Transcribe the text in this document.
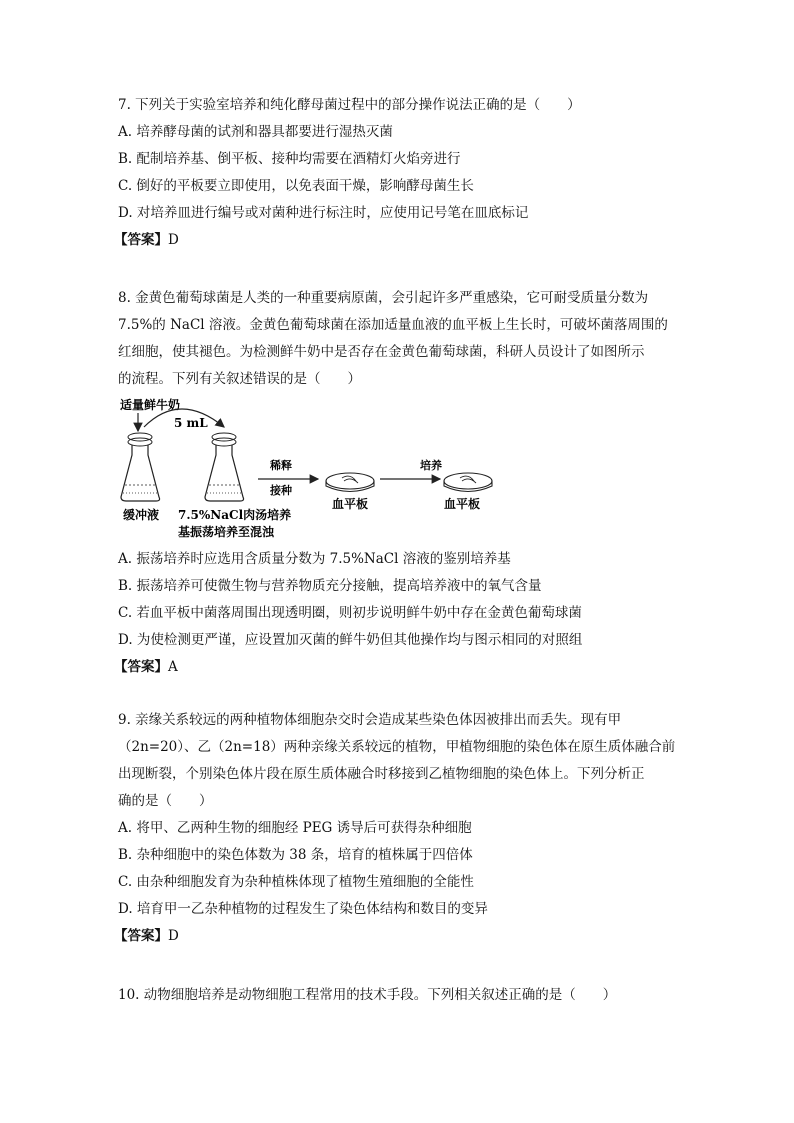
7. 下列关于实验室培养和纯化酵母菌过程中的部分操作说法正确的是（　　）

A. 培养酵母菌的试剂和器具都要进行湿热灭菌

B. 配制培养基、倒平板、接种均需要在酒精灯火焰旁进行

C. 倒好的平板要立即使用，以免表面干燥，影响酵母菌生长

D. 对培养皿进行编号或对菌种进行标注时，应使用记号笔在皿底标记

【答案】D

8. 金黄色葡萄球菌是人类的一种重要病原菌，会引起许多严重感染，它可耐受质量分数为

7.5%的 NaCl 溶液。金黄色葡萄球菌在添加适量血液的血平板上生长时，可破坏菌落周围的

红细胞，使其褪色。为检测鲜牛奶中是否存在金黄色葡萄球菌，科研人员设计了如图所示

的流程。下列有关叙述错误的是（　　）

适量鲜牛奶
缓冲液
5 mL
7.5%NaCl肉汤培养
基振荡培养至混浊
稀释
接种
血平板
培养
血平板

A. 振荡培养时应选用含质量分数为 7.5%NaCl 溶液的鉴别培养基

B. 振荡培养可使微生物与营养物质充分接触，提高培养液中的氧气含量

C. 若血平板中菌落周围出现透明圈，则初步说明鲜牛奶中存在金黄色葡萄球菌

D. 为使检测更严谨，应设置加灭菌的鲜牛奶但其他操作均与图示相同的对照组

【答案】A

9. 亲缘关系较远的两种植物体细胞杂交时会造成某些染色体因被排出而丢失。现有甲

（2n=20）、乙（2n=18）两种亲缘关系较远的植物，甲植物细胞的染色体在原生质体融合前

出现断裂，个别染色体片段在原生质体融合时移接到乙植物细胞的染色体上。下列分析正

确的是（　　）

A. 将甲、乙两种生物的细胞经 PEG 诱导后可获得杂种细胞

B. 杂种细胞中的染色体数为 38 条，培育的植株属于四倍体

C. 由杂种细胞发育为杂种植株体现了植物生殖细胞的全能性

D. 培育甲一乙杂种植物的过程发生了染色体结构和数目的变异

【答案】D

10. 动物细胞培养是动物细胞工程常用的技术手段。下列相关叙述正确的是（　　）
